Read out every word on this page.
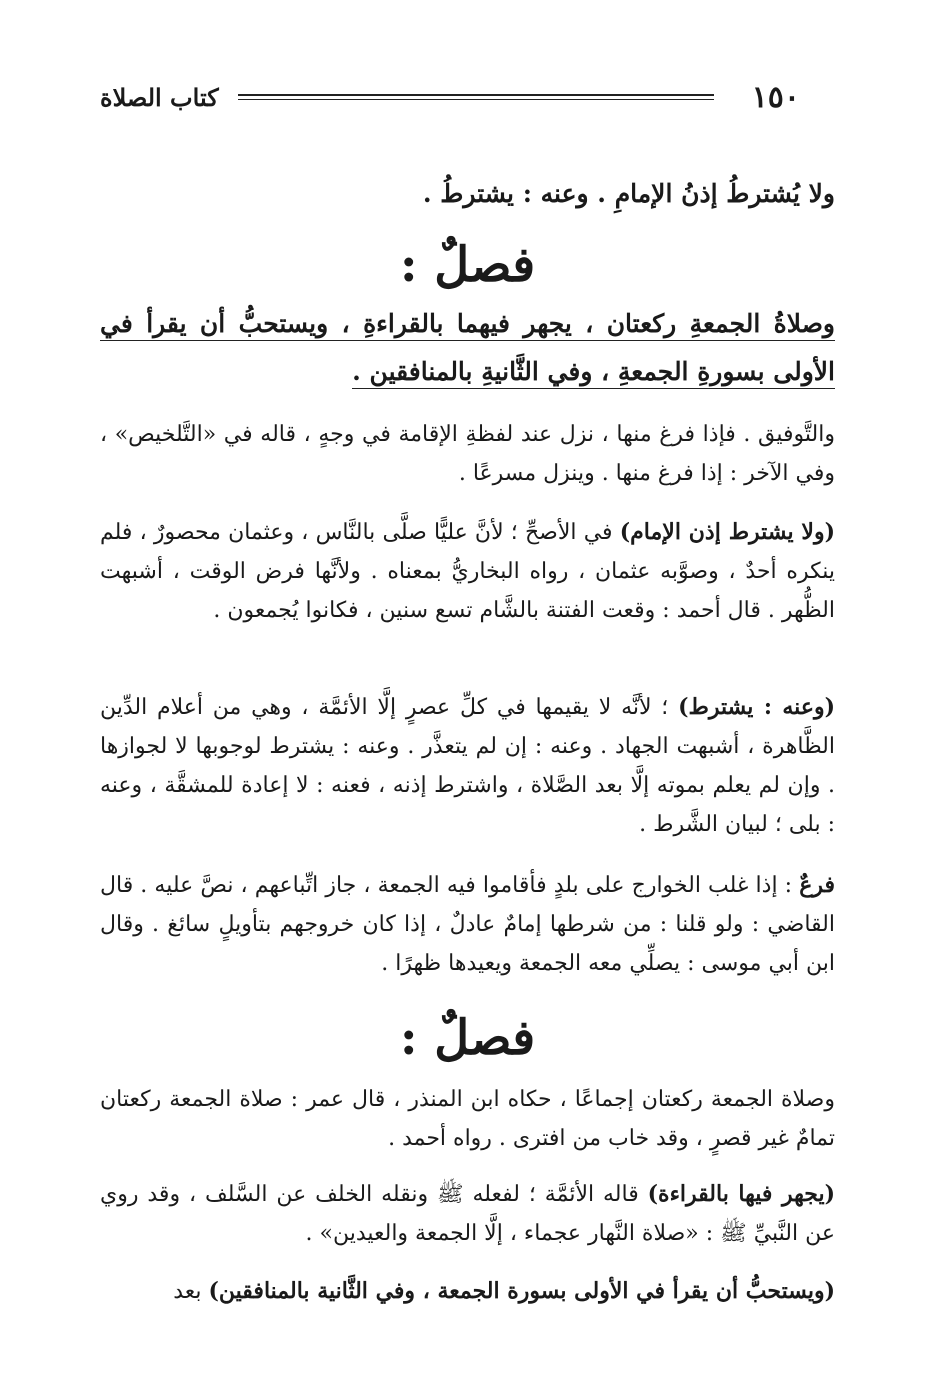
١٥٠
كتاب الصلاة

ولا يُشترطُ إذنُ الإمامِ . وعنه : يشترطُ .

فصلٌ :

وصلاةُ الجمعةِ ركعتان ، يجهر فيهما بالقراءةِ ، ويستحبُّ أن يقرأ في الأولى بسورةِ الجمعةِ ، وفي الثَّانيةِ بالمنافقين .

والتَّوفيق . فإذا فرغ منها ، نزل عند لفظةِ الإقامة في وجهٍ ، قاله في «التَّلخيص» ، وفي الآخر : إذا فرغ منها . وينزل مسرعًا .

(ولا يشترط إذن الإمام) في الأصحِّ ؛ لأنَّ عليًّا صلَّى بالنَّاس ، وعثمان محصورٌ ، فلم ينكره أحدٌ ، وصوَّبه عثمان ، رواه البخاريُّ بمعناه . ولأنَّها فرض الوقت ، أشبهت الظُّهر . قال أحمد : وقعت الفتنة بالشَّام تسع سنين ، فكانوا يُجمعون .

(وعنه : يشترط) ؛ لأنَّه لا يقيمها في كلِّ عصرٍ إلَّا الأئمَّة ، وهي من أعلام الدِّين الظَّاهرة ، أشبهت الجهاد . وعنه : إن لم يتعذَّر . وعنه : يشترط لوجوبها لا لجوازها . وإن لم يعلم بموته إلَّا بعد الصَّلاة ، واشترط إذنه ، فعنه : لا إعادة للمشقَّة ، وعنه : بلى ؛ لبيان الشَّرط .

فرعٌ : إذا غلب الخوارج على بلدٍ فأقاموا فيه الجمعة ، جاز اتِّباعهم ، نصَّ عليه . قال القاضي : ولو قلنا : من شرطها إمامٌ عادلٌ ، إذا كان خروجهم بتأويلٍ سائغ . وقال ابن أبي موسى : يصلِّي معه الجمعة ويعيدها ظهرًا .

فصلٌ :

وصلاة الجمعة ركعتان إجماعًا ، حكاه ابن المنذر ، قال عمر : صلاة الجمعة ركعتان تمامٌ غير قصرٍ ، وقد خاب من افترى . رواه أحمد .

(يجهر فيها بالقراءة) قاله الأئمَّة ؛ لفعله ﷺ ونقله الخلف عن السَّلف ، وقد روي عن النَّبيِّ ﷺ : «صلاة النَّهار عجماء ، إلَّا الجمعة والعيدين» .

(ويستحبُّ أن يقرأ في الأولى بسورة الجمعة ، وفي الثَّانية بالمنافقين) بعد
